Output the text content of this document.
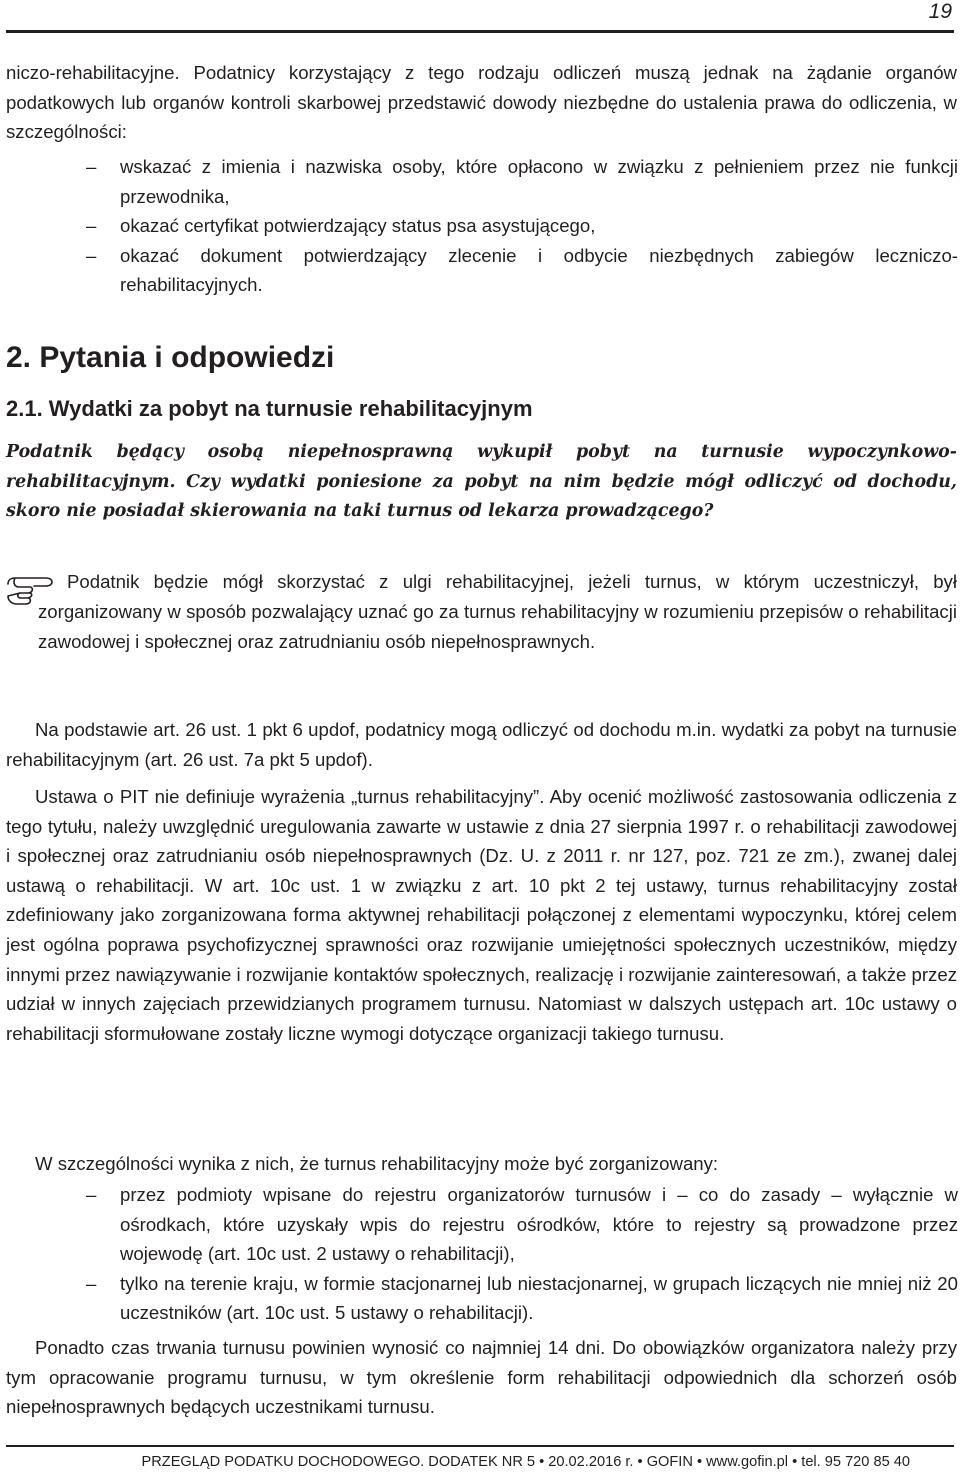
19

niczo-rehabilitacyjne. Podatnicy korzystający z tego rodzaju odliczeń muszą jednak na żądanie organów podatkowych lub organów kontroli skarbowej przedstawić dowody niezbędne do ustalenia prawa do odliczenia, w szczególności:

– wskazać z imienia i nazwiska osoby, które opłacono w związku z pełnieniem przez nie funkcji przewodnika,
– okazać certyfikat potwierdzający status psa asystującego,
– okazać dokument potwierdzający zlecenie i odbycie niezbędnych zabiegów leczniczo-rehabilitacyjnych.
2. Pytania i odpowiedzi
2.1. Wydatki za pobyt na turnusie rehabilitacyjnym

Podatnik będący osobą niepełnosprawną wykupił pobyt na turnusie wypoczynkowo-rehabilitacyjnym. Czy wydatki poniesione za pobyt na nim będzie mógł odliczyć od dochodu, skoro nie posiadał skierowania na taki turnus od lekarza prowadzącego?

Podatnik będzie mógł skorzystać z ulgi rehabilitacyjnej, jeżeli turnus, w którym uczestniczył, był zorganizowany w sposób pozwalający uznać go za turnus rehabilitacyjny w rozumieniu przepisów o rehabilitacji zawodowej i społecznej oraz zatrudnianiu osób niepełnosprawnych.

Na podstawie art. 26 ust. 1 pkt 6 updof, podatnicy mogą odliczyć od dochodu m.in. wydatki za pobyt na turnusie rehabilitacyjnym (art. 26 ust. 7a pkt 5 updof).

Ustawa o PIT nie definiuje wyrażenia „turnus rehabilitacyjny”. Aby ocenić możliwość zastosowania odliczenia z tego tytułu, należy uwzględnić uregulowania zawarte w ustawie z dnia 27 sierpnia 1997 r. o rehabilitacji zawodowej i społecznej oraz zatrudnianiu osób niepełnosprawnych (Dz. U. z 2011 r. nr 127, poz. 721 ze zm.), zwanej dalej ustawą o rehabilitacji. W art. 10c ust. 1 w związku z art. 10 pkt 2 tej ustawy, turnus rehabilitacyjny został zdefiniowany jako zorganizowana forma aktywnej rehabilitacji połączonej z elementami wypoczynku, której celem jest ogólna poprawa psychofizycznej sprawności oraz rozwijanie umiejętności społecznych uczestników, między innymi przez nawiązywanie i rozwijanie kontaktów społecznych, realizację i rozwijanie zainteresowań, a także przez udział w innych zajęciach przewidzianych programem turnusu. Natomiast w dalszych ustępach art. 10c ustawy o rehabilitacji sformułowane zostały liczne wymogi dotyczące organizacji takiego turnusu.

W szczególności wynika z nich, że turnus rehabilitacyjny może być zorganizowany:

– przez podmioty wpisane do rejestru organizatorów turnusów i – co do zasady – wyłącznie w ośrodkach, które uzyskały wpis do rejestru ośrodków, które to rejestry są prowadzone przez wojewodę (art. 10c ust. 2 ustawy o rehabilitacji),
– tylko na terenie kraju, w formie stacjonarnej lub niestacjonarnej, w grupach liczących nie mniej niż 20 uczestników (art. 10c ust. 5 ustawy o rehabilitacji).

Ponadto czas trwania turnusu powinien wynosić co najmniej 14 dni. Do obowiązków organizatora należy przy tym opracowanie programu turnusu, w tym określenie form rehabilitacji odpowiednich dla schorzeń osób niepełnosprawnych będących uczestnikami turnusu.

PRZEGLĄD PODATKU DOCHODOWEGO. DODATEK NR 5 • 20.02.2016 r. • GOFIN • www.gofin.pl • tel. 95 720 85 40
